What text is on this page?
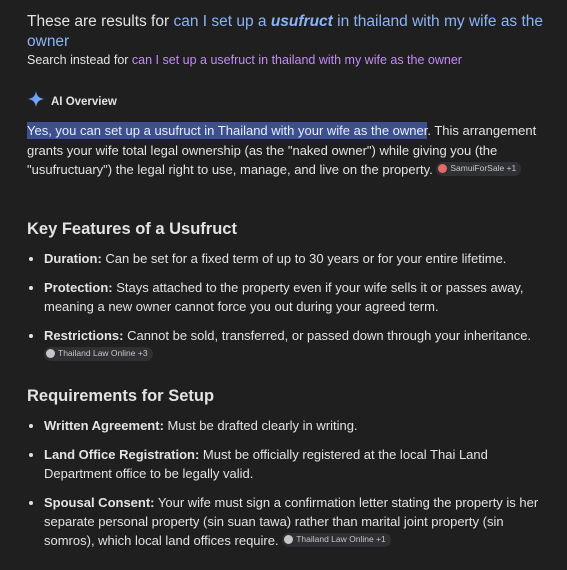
These are results for can I set up a usufruct in thailand with my wife as the owner
Search instead for can I set up a usefruct in thailand with my wife as the owner
AI Overview
Yes, you can set up a usufruct in Thailand with your wife as the owner. This arrangement grants your wife total legal ownership (as the "naked owner") while giving you (the "usufructuary") the legal right to use, manage, and live on the property. SamuiForSale +1
Key Features of a Usufruct
Duration: Can be set for a fixed term of up to 30 years or for your entire lifetime.
Protection: Stays attached to the property even if your wife sells it or passes away, meaning a new owner cannot force you out during your agreed term.
Restrictions: Cannot be sold, transferred, or passed down through your inheritance.
Thailand Law Online +3
Requirements for Setup
Written Agreement: Must be drafted clearly in writing.
Land Office Registration: Must be officially registered at the local Thai Land Department office to be legally valid.
Spousal Consent: Your wife must sign a confirmation letter stating the property is her separate personal property (sin suan tawa) rather than marital joint property (sin somros), which local land offices require. Thailand Law Online +1
